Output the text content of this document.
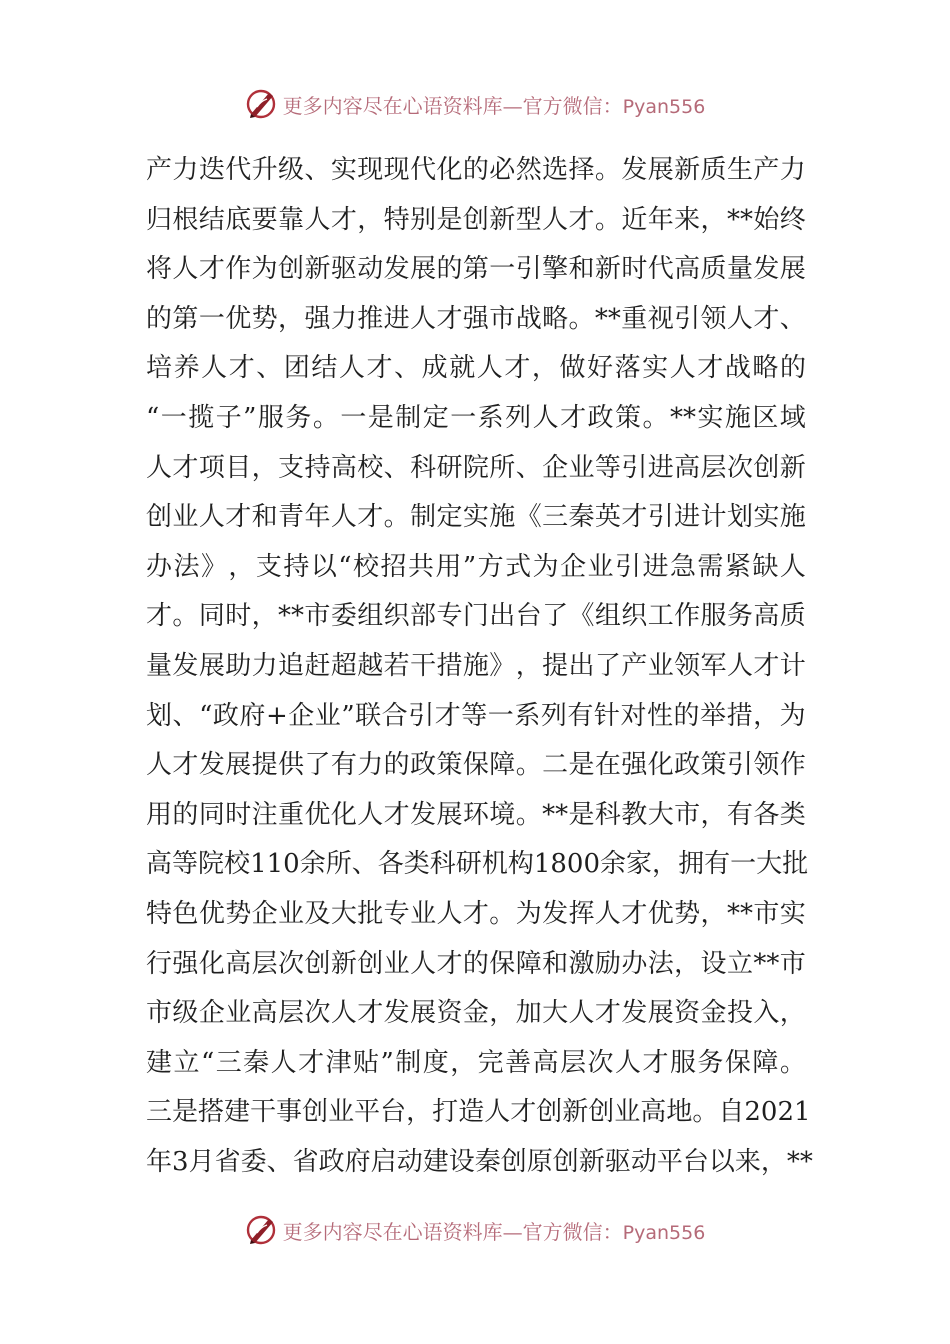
更多内容尽在心语资料库—官方微信：Pyan556
产 力 迭 代 升 级 、 实 现 现 代 化 的 必 然 选 择 。 发 展 新 质 生 产 力
归 根 结 底 要 靠 人 才 ， 特 别 是 创 新 型 人 才 。 近 年 来 ， ** 始 终
将 人 才 作 为 创 新 驱 动 发 展 的 第 一 引 擎 和 新 时 代 高 质 量 发 展
的 第 一 优 势 ， 强 力 推 进 人 才 强 市 战 略 。 ** 重 视 引 领 人 才 、
培 养 人 才 、 团 结 人 才 、 成 就 人 才 ， 做 好 落 实 人 才 战 略 的
“ 一 揽 子 ” 服 务 。 一 是 制 定 一 系 列 人 才 政 策 。 ** 实 施 区 域
人 才 项 目 ， 支 持 高 校 、 科 研 院 所 、 企 业 等 引 进 高 层 次 创 新
创 业 人 才 和 青 年 人 才 。 制 定 实 施 《 三 秦 英 才 引 进 计 划 实 施
办 法 》 ， 支 持 以 “ 校 招 共 用 ” 方 式 为 企 业 引 进 急 需 紧 缺 人
才 。 同 时 ， ** 市 委 组 织 部 专 门 出 台 了 《 组 织 工 作 服 务 高 质
量 发 展 助 力 追 赶 超 越 若 干 措 施 》 ， 提 出 了 产 业 领 军 人 才 计
划 、 “ 政 府 + 企 业 ” 联 合 引 才 等 一 系 列 有 针 对 性 的 举 措 ， 为
人 才 发 展 提 供 了 有 力 的 政 策 保 障 。 二 是 在 强 化 政 策 引 领 作
用 的 同 时 注 重 优 化 人 才 发 展 环 境 。 ** 是 科 教 大 市 ， 有 各 类
高 等 院 校 110 余 所 、 各 类 科 研 机 构 1800 余 家 ， 拥 有 一 大 批
特 色 优 势 企 业 及 大 批 专 业 人 才 。 为 发 挥 人 才 优 势 ， ** 市 实
行 强 化 高 层 次 创 新 创 业 人 才 的 保 障 和 激 励 办 法 ， 设 立 ** 市
市 级 企 业 高 层 次 人 才 发 展 资 金 ， 加 大 人 才 发 展 资 金 投 入 ，
建 立 “ 三 秦 人 才 津 贴 ” 制 度 ， 完 善 高 层 次 人 才 服 务 保 障 。
三 是 搭 建 干 事 创 业 平 台 ， 打 造 人 才 创 新 创 业 高 地 。 自 2021
年 3 月 省 委 、 省 政 府 启 动 建 设 秦 创 原 创 新 驱 动 平 台 以 来 ， **
更多内容尽在心语资料库—官方微信：Pyan556
